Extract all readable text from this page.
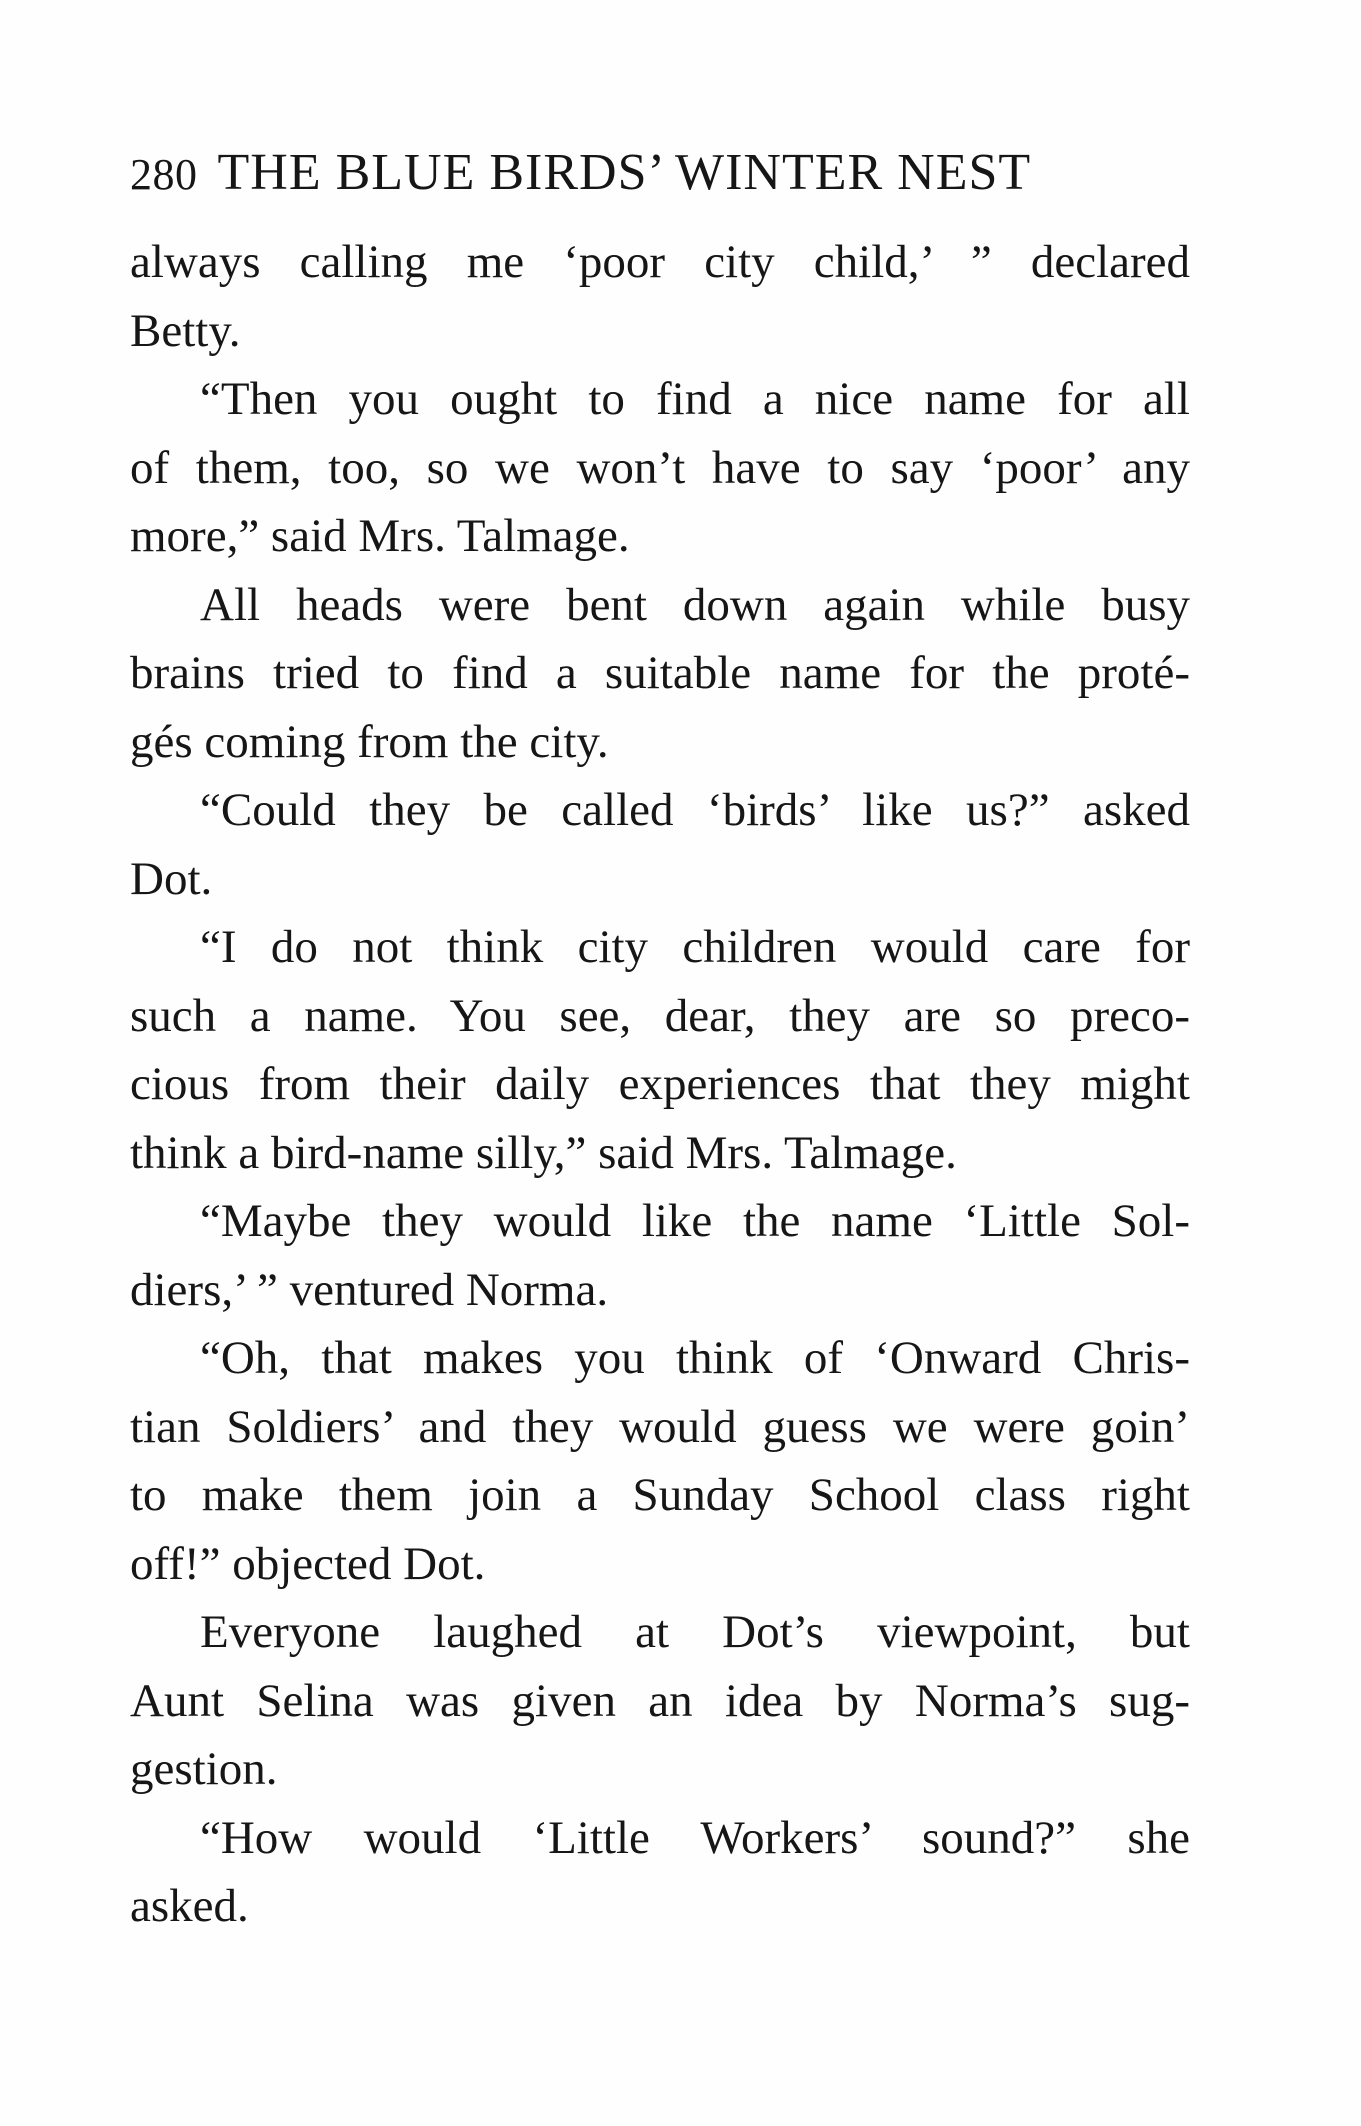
280 THE BLUE BIRDS’ WINTER NEST
always calling me ‘poor city child,’ ” declared
Betty.
“Then you ought to find a nice name for all
of them, too, so we won’t have to say ‘poor’ any
more,” said Mrs. Talmage.
All heads were bent down again while busy
brains tried to find a suitable name for the proté-
gés coming from the city.
“Could they be called ‘birds’ like us?” asked
Dot.
“I do not think city children would care for
such a name. You see, dear, they are so preco-
cious from their daily experiences that they might
think a bird-name silly,” said Mrs. Talmage.
“Maybe they would like the name ‘Little Sol-
diers,’ ” ventured Norma.
“Oh, that makes you think of ‘Onward Chris-
tian Soldiers’ and they would guess we were goin’
to make them join a Sunday School class right
off!” objected Dot.
Everyone laughed at Dot’s viewpoint, but
Aunt Selina was given an idea by Norma’s sug-
gestion.
“How would ‘Little Workers’ sound?” she
asked.
